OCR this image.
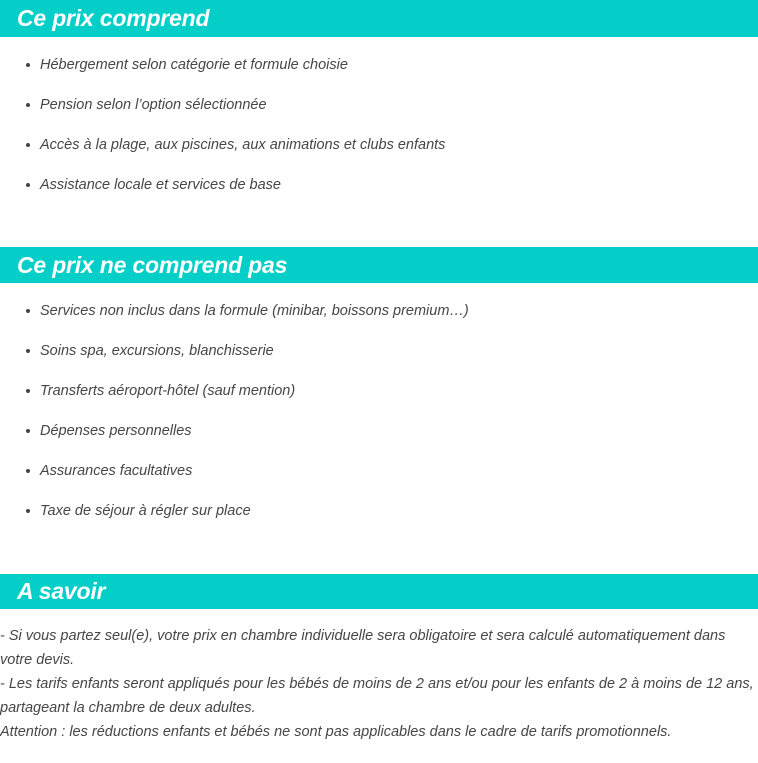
Ce prix comprend
Hébergement selon catégorie et formule choisie
Pension selon l’option sélectionnée
Accès à la plage, aux piscines, aux animations et clubs enfants
Assistance locale et services de base
Ce prix ne comprend pas
Services non inclus dans la formule (minibar, boissons premium…)
Soins spa, excursions, blanchisserie
Transferts aéroport-hôtel (sauf mention)
Dépenses personnelles
Assurances facultatives
Taxe de séjour à régler sur place
A savoir

- Si vous partez seul(e), votre prix en chambre individuelle sera obligatoire et sera calculé automatiquement dans votre devis.

- Les tarifs enfants seront appliqués pour les bébés de moins de 2 ans et/ou pour les enfants de 2 à moins de 12 ans, partageant la chambre de deux adultes.

Attention : les réductions enfants et bébés ne sont pas applicables dans le cadre de tarifs promotionnels.
